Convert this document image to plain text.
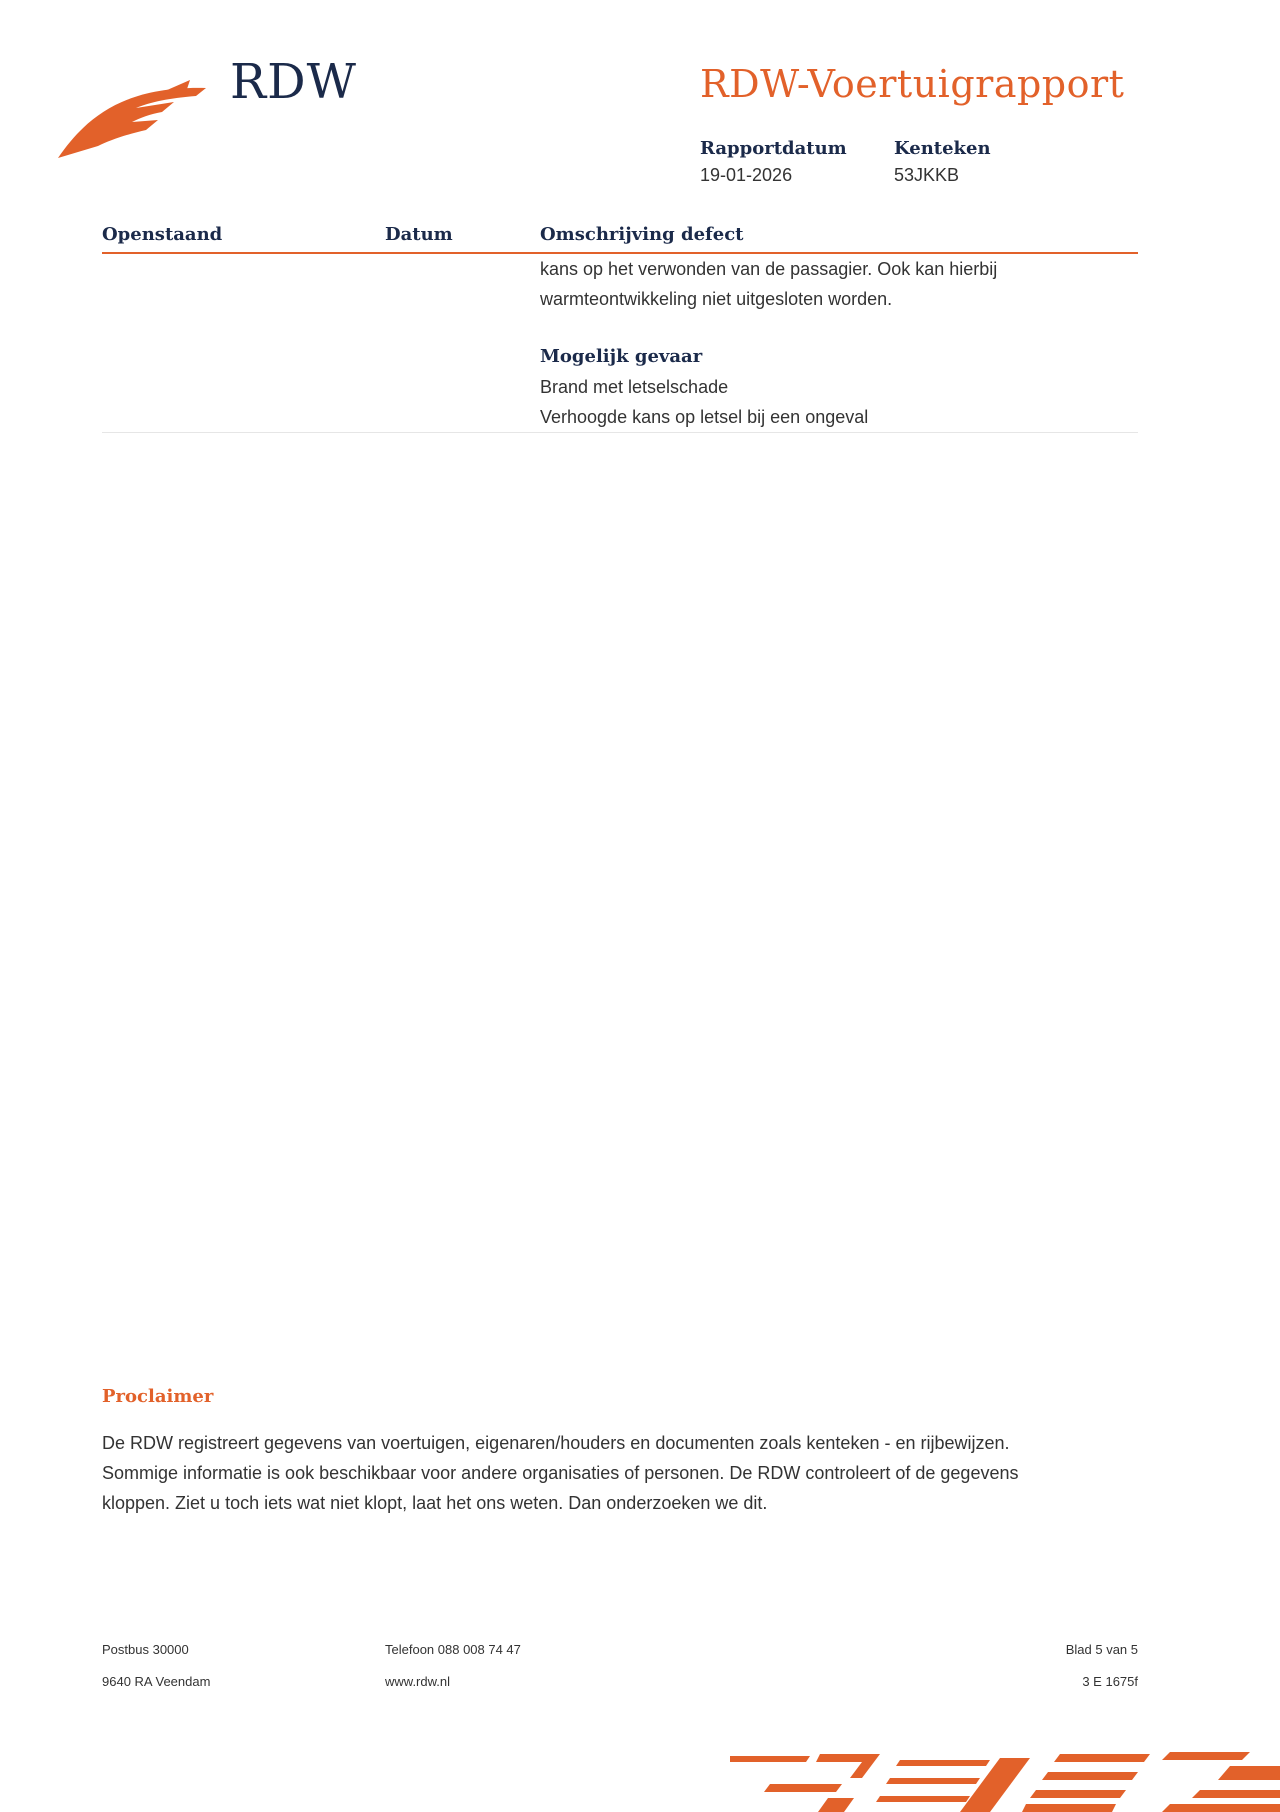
RDW	RDW-Voertuigrapport
Rapportdatum
19-01-2026
Kenteken
53JKKB
Openstaand	Datum	Omschrijving defect
kans op het verwonden van de passagier. Ook kan hierbij
warmteontwikkeling niet uitgesloten worden.
Mogelijk gevaar
Brand met letselschade
Verhoogde kans op letsel bij een ongeval
Proclaimer
De RDW registreert gegevens van voertuigen, eigenaren/houders en documenten zoals kenteken - en rijbewijzen.
Sommige informatie is ook beschikbaar voor andere organisaties of personen. De RDW controleert of de gegevens
kloppen. Ziet u toch iets wat niet klopt, laat het ons weten. Dan onderzoeken we dit.
Postbus 30000
9640 RA Veendam
Telefoon 088 008 74 47
www.rdw.nl
Blad 5 van 5
3 E 1675f
